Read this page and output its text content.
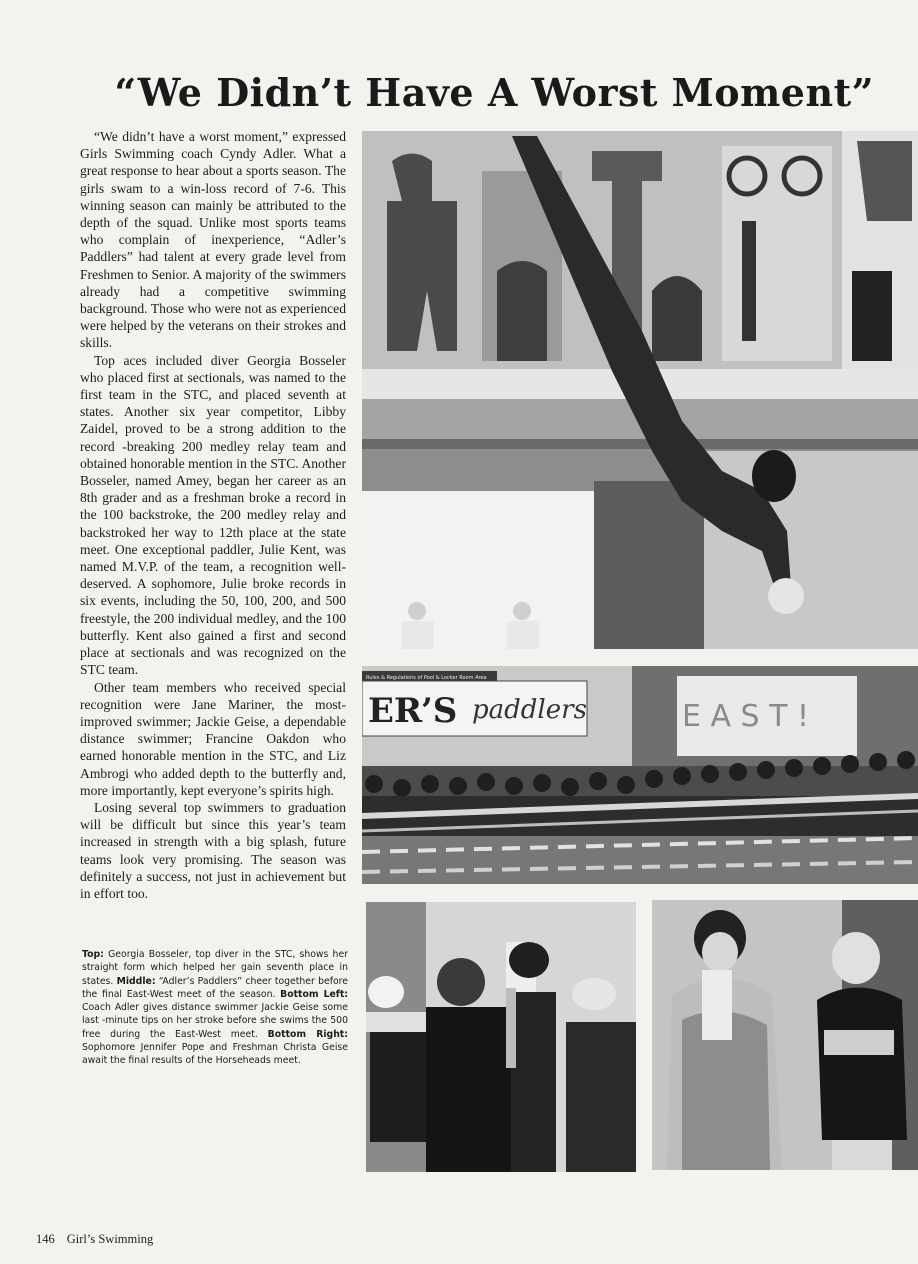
“We Didn’t Have A Worst Moment”

“We didn’t have a worst moment,” expressed Girls Swimming coach Cyndy Adler. What a great response to hear about a sports season. The girls swam to a win-loss record of 7-6. This winning season can mainly be attributed to the depth of the squad. Unlike most sports teams who complain of inexperience, “Adler’s Paddlers” had talent at every grade level from Freshmen to Senior. A majority of the swimmers already had a competitive swimming background. Those who were not as experienced were helped by the veterans on their strokes and skills.

Top aces included diver Georgia Bosseler who placed first at sectionals, was named to the first team in the STC, and placed seventh at states. Another six year competitor, Libby Zaidel, proved to be a strong addition to the record -breaking 200 medley relay team and obtained honorable mention in the STC. Another Bosseler, named Amey, began her career as an 8th grader and as a freshman broke a record in the 100 backstroke, the 200 medley relay and backstroked her way to 12th place at the state meet. One exceptional paddler, Julie Kent, was named M.V.P. of the team, a recognition well-deserved. A sophomore, Julie broke records in six events, including the 50, 100, 200, and 500 freestyle, the 200 individual medley, and the 100 butterfly. Kent also gained a first and second place at sectionals and was recognized on the STC team.

Other team members who received special recognition were Jane Mariner, the most-improved swimmer; Jackie Geise, a dependable distance swimmer; Francine Oakdon who earned honorable mention in the STC, and Liz Ambrogi who added depth to the butterfly and, more importantly, kept everyone’s spirits high.

Losing several top swimmers to graduation will be difficult but since this year’s team increased in strength with a big splash, future teams look very promising. The season was definitely a success, not just in achievement but in effort too.

Top: Georgia Bosseler, top diver in the STC, shows her straight form which helped her gain seventh place in states. Middle: “Adler’s Paddlers” cheer together before the final East-West meet of the season. Bottom Left: Coach Adler gives distance swimmer Jackie Geise some last -minute tips on her stroke before she swims the 500 free during the East-West meet. Bottom Right: Sophomore Jennifer Pope and Freshman Christa Geise await the final results of the Horseheads meet.
Rules & Regulations of Pool & Locker Room Area
ER’S paddlers	E A S T !
146 Girl’s Swimming
